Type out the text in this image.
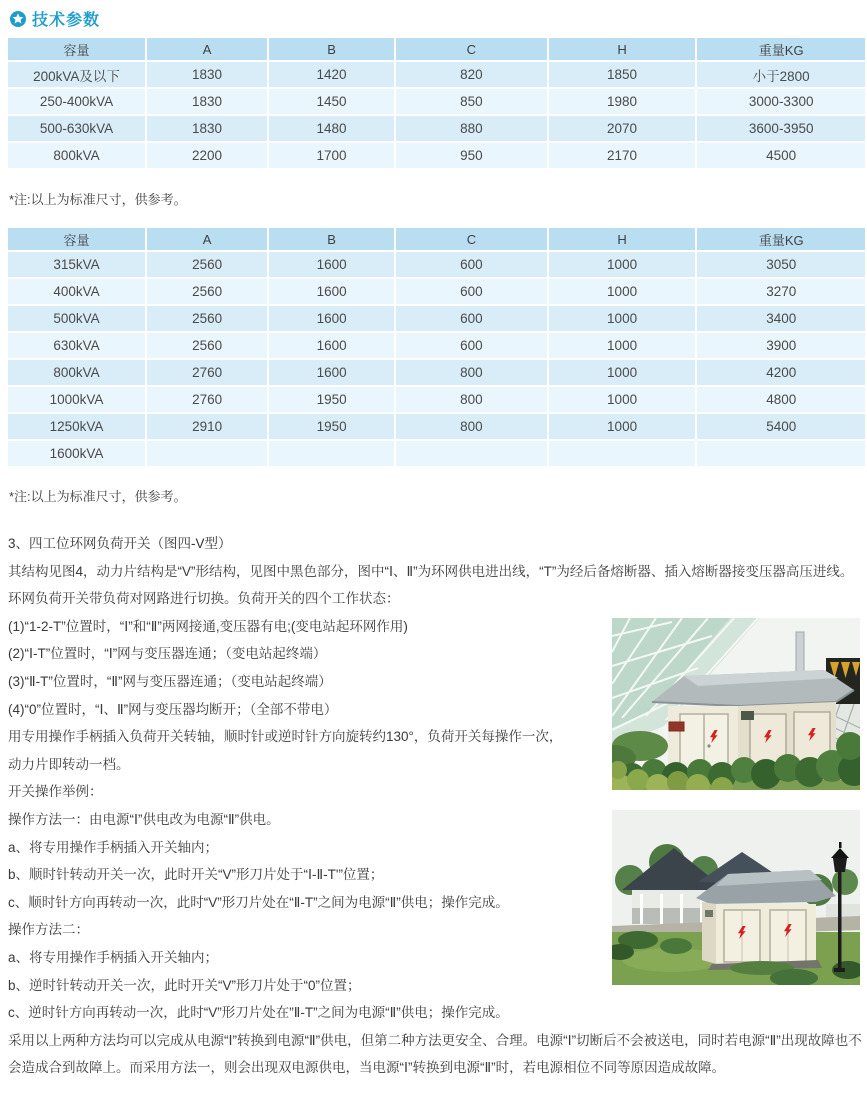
技术参数
容量	A	B	C	H	重量KG
200kVA及以下	1830	1420	820	1850	小于2800
250-400kVA	1830	1450	850	1980	3000-3300
500-630kVA	1830	1480	880	2070	3600-3950
800kVA	2200	1700	950	2170	4500
*注:以上为标准尺寸，供参考。
容量	A	B	C	H	重量KG
315kVA	2560	1600	600	1000	3050
400kVA	2560	1600	600	1000	3270
500kVA	2560	1600	600	1000	3400
630kVA	2560	1600	600	1000	3900
800kVA	2760	1600	800	1000	4200
1000kVA	2760	1950	800	1000	4800
1250kVA	2910	1950	800	1000	5400
1600kVA					
*注:以上为标准尺寸，供参考。
3、四工位环网负荷开关（图四-V型）
其结构见图4，动力片结构是“V”形结构，见图中黑色部分，图中“Ⅰ、Ⅱ”为环网供电进出线，“T”为经后备熔断器、插入熔断器接变压器高压进线。环网负荷开关带负荷对网路进行切换。负荷开关的四个工作状态：
(1)“1-2-T”位置时，“Ⅰ”和“Ⅱ”两网接通,变压器有电;(变电站起环网作用)
(2)“Ⅰ-T”位置时，“Ⅰ”网与变压器连通；（变电站起终端）
(3)“Ⅱ-T”位置时，“Ⅱ”网与变压器连通；（变电站起终端）
(4)“0”位置时，“Ⅰ、Ⅱ”网与变压器均断开；（全部不带电）
用专用操作手柄插入负荷开关转轴，顺时针或逆时针方向旋转约130°，负荷开关每操作一次，
动力片即转动一档。
开关操作举例：
操作方法一：由电源“Ⅰ”供电改为电源“Ⅱ”供电。
a、将专用操作手柄插入开关轴内；
b、顺时针转动开关一次，此时开关“V”形刀片处于“Ⅰ-Ⅱ-T'”位置；
c、顺时针方向再转动一次，此时“V”形刀片处在“Ⅱ-T”之间为电源“Ⅱ”供电；操作完成。
操作方法二：
a、将专用操作手柄插入开关轴内；
b、逆时针转动开关一次，此时开关“V”形刀片处于“0”位置；
c、逆时针方向再转动一次，此时“V”形刀片处在”Ⅱ-T”之间为电源“Ⅱ”供电；操作完成。
采用以上两种方法均可以完成从电源“Ⅰ”转换到电源“Ⅱ”供电，但第二种方法更安全、合理。电源“Ⅰ”切断后不会被送电，同时若电源“Ⅱ”出现故障也不会造成合到故障上。而采用方法一，则会出现双电源供电，当电源“Ⅰ”转换到电源“Ⅱ”时，若电源相位不同等原因造成故障。
